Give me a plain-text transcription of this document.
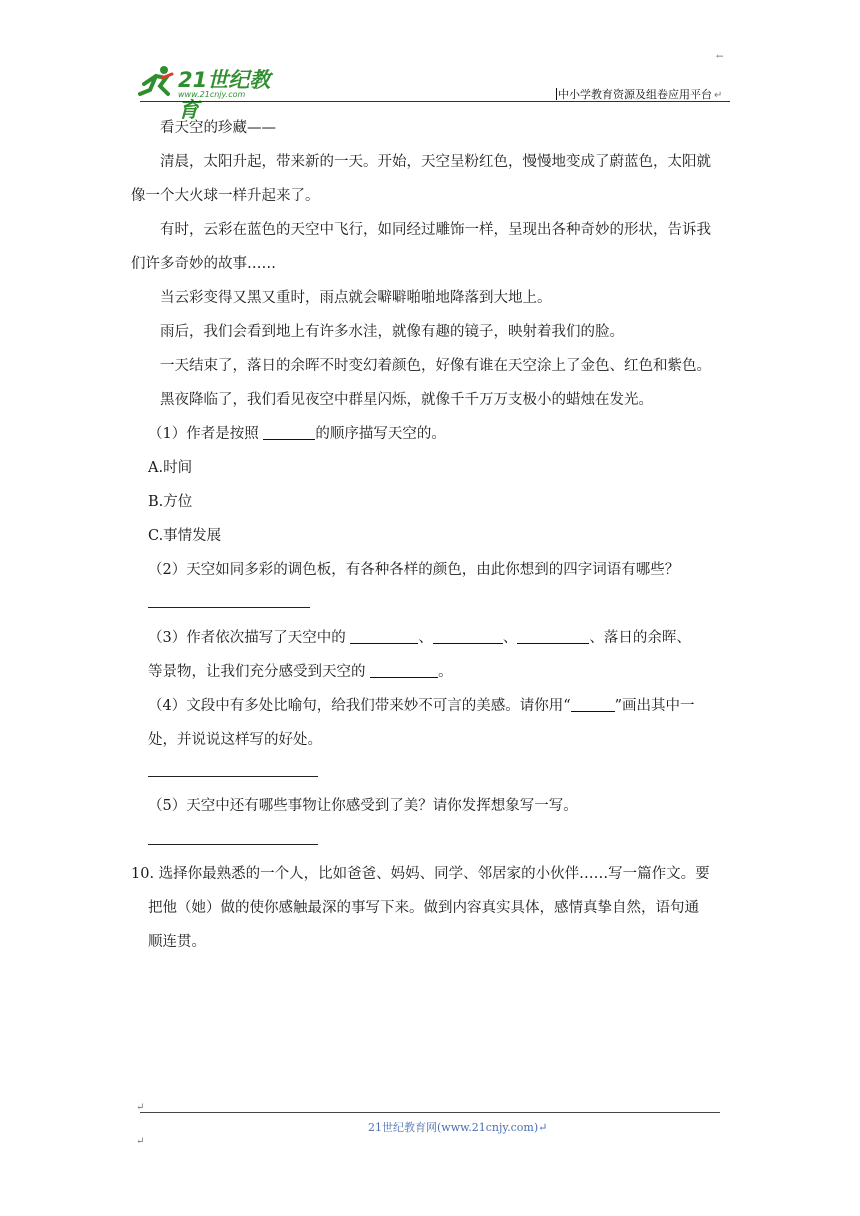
←
21世纪教育
www.21cnjy.com	中小学教育资源及组卷应用平台 ↵
看天空的珍藏——
清晨，太阳升起，带来新的一天。开始，天空呈粉红色，慢慢地变成了蔚蓝色，太阳就
像一个大火球一样升起来了。
有时，云彩在蓝色的天空中飞行，如同经过雕饰一样，呈现出各种奇妙的形状，告诉我
们许多奇妙的故事……
当云彩变得又黑又重时，雨点就会噼噼啪啪地降落到大地上。
雨后，我们会看到地上有许多水洼，就像有趣的镜子，映射着我们的脸。
一天结束了，落日的余晖不时变幻着颜色，好像有谁在天空涂上了金色、红色和紫色。
黑夜降临了，我们看见夜空中群星闪烁，就像千千万万支极小的蜡烛在发光。
（1）作者是按照	的顺序描写天空的。
A.时间
B.方位
C.事情发展
（2）天空如同多彩的调色板，有各种各样的颜色，由此你想到的四字词语有哪些？
（3）作者依次描写了天空中的	、	、	、落日的余晖、
等景物，让我们充分感受到天空的	。
（4）文段中有多处比喻句，给我们带来妙不可言的美感。请你用“	”画出其中一
处，并说说这样写的好处。
（5）天空中还有哪些事物让你感受到了美？请你发挥想象写一写。
10. 选择你最熟悉的一个人，比如爸爸、妈妈、同学、邻居家的小伙伴……写一篇作文。要
把他（她）做的使你感触最深的事写下来。做到内容真实具体，感情真挚自然，语句通
顺连贯。
↵
21世纪教育网(www.21cnjy.com)↵
↵
